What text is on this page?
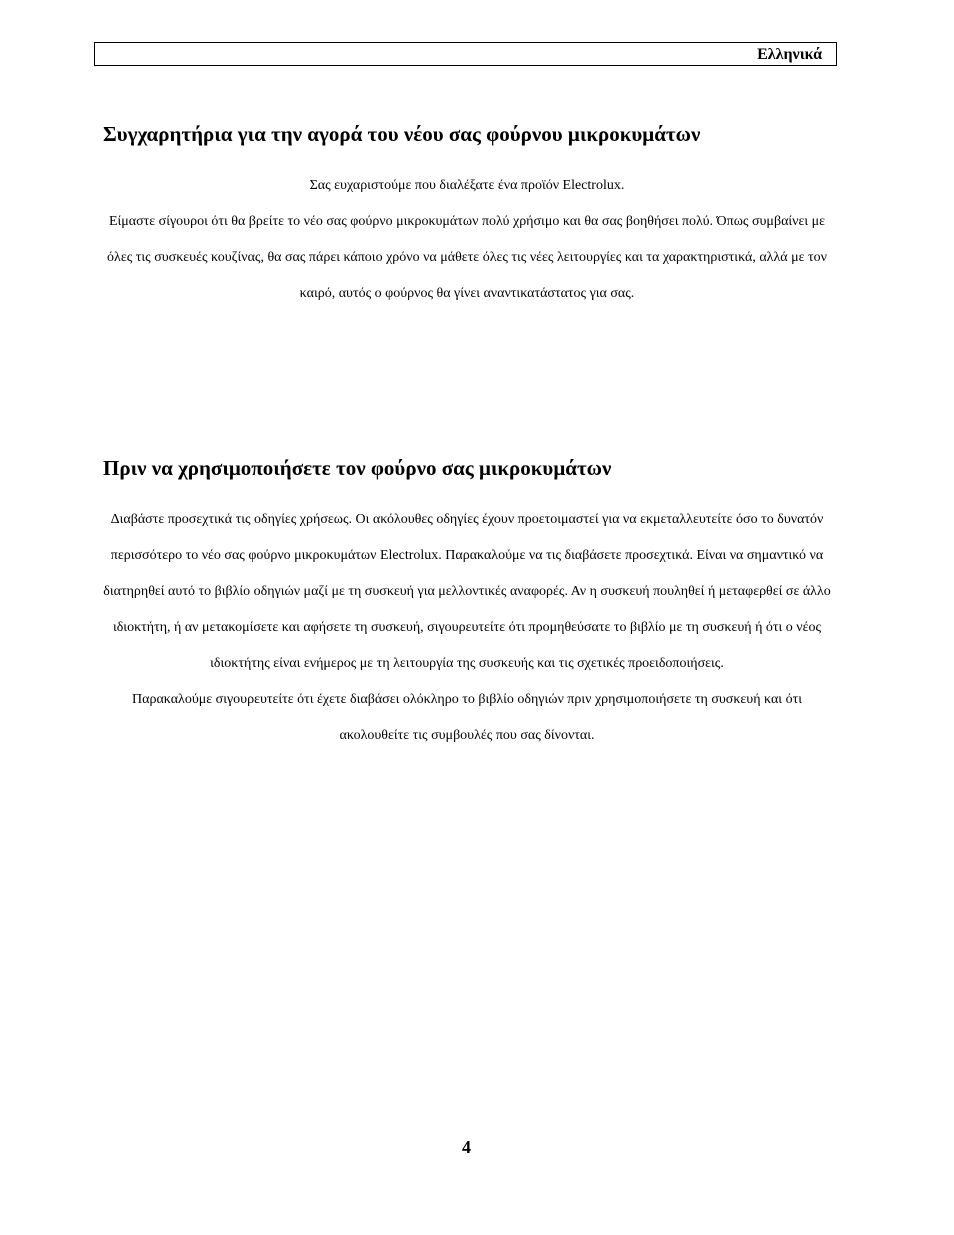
Ελληνικά
Συγχαρητήρια για την αγορά του νέου σας φούρνου μικροκυμάτων

Σας ευχαριστούμε που διαλέξατε ένα προϊόν Electrolux.

Είμαστε σίγουροι ότι θα βρείτε το νέο σας φούρνο μικροκυμάτων πολύ χρήσιμο και θα σας βοηθήσει πολύ. Όπως συμβαίνει με όλες τις συσκευές κουζίνας, θα σας πάρει κάποιο χρόνο να μάθετε όλες τις νέες λειτουργίες και τα χαρακτηριστικά, αλλά με τον καιρό, αυτός ο φούρνος θα γίνει αναντικατάστατος για σας.

Πριν να χρησιμοποιήσετε τον φούρνο σας μικροκυμάτων

Διαβάστε προσεχτικά τις οδηγίες χρήσεως. Οι ακόλουθες οδηγίες έχουν προετοιμαστεί για να εκμεταλλευτείτε όσο το δυνατόν περισσότερο το νέο σας φούρνο μικροκυμάτων Electrolux. Παρακαλούμε να τις διαβάσετε προσεχτικά. Είναι να σημαντικό να διατηρηθεί αυτό το βιβλίο οδηγιών μαζί με τη συσκευή για μελλοντικές αναφορές. Αν η συσκευή πουληθεί ή μεταφερθεί σε άλλο ιδιοκτήτη, ή αν μετακομίσετε και αφήσετε τη συσκευή, σιγουρευτείτε ότι προμηθεύσατε το βιβλίο με τη συσκευή ή ότι ο νέος ιδιοκτήτης είναι ενήμερος με τη λειτουργία της συσκευής και τις σχετικές προειδοποιήσεις.

Παρακαλούμε σιγουρευτείτε ότι έχετε διαβάσει ολόκληρο το βιβλίο οδηγιών πριν χρησιμοποιήσετε τη συσκευή και ότι ακολουθείτε τις συμβουλές που σας δίνονται.

4
